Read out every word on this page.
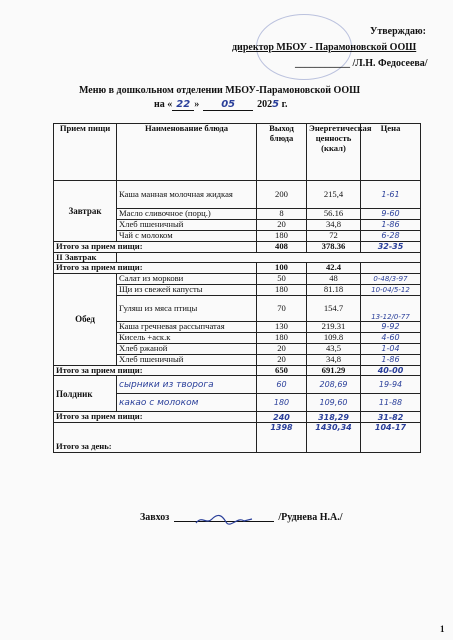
Утверждаю:
директор МБОУ - Парамоновской ООШ
___________ /Л.Н. Федосеева/
Меню в дошкольном отделении МБОУ-Парамоновской ООШ
на « 22 » 05 2025 г.
Прием пищи	Наименование блюда	Выход блюда	Энергетическая ценность (ккал)	Цена
Завтрак	Каша манная молочная жидкая	200	215,4	1-61
	Масло сливочное (порц.)	8	56.16	9-60
	Хлеб пшеничный	20	34,8	1-86
	Чай с молоком	180	72	6-28
Итого за прием пищи:		408	378.36	32-35
II Завтрак				
Итого за прием пищи:		100	42.4	
Обед	Салат из моркови	50	48	0-48/3-97
	Щи из свежей капусты	180	81.18	10-04/5-12
	Гуляш из мяса птицы	70	154.7	13-12/0-77
	Каша гречневая рассыпчатая	130	219.31	9-92
	Кисель +аск.к	180	109.8	4-60
	Хлеб ржаной	20	43,5	1-04
	Хлеб пшеничный	20	34,8	1-86
Итого за прием пищи:		650	691.29	40-00
Полдник	сырники из творога	60	208,69	19-94
	какао с молоком	180	109,60	11-88
Итого за прием пищи:		240	318,29	31-82
Итого за день:		1398	1430,34	104-17
Завхоз	/Руднева Н.А./
1
